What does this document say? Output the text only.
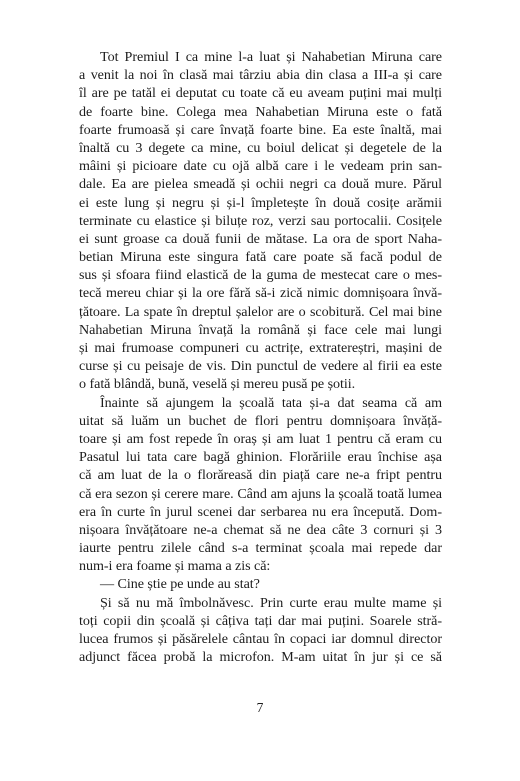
Tot Premiul I ca mine l-a luat și Nahabetian Miruna care
a venit la noi în clasă mai târziu abia din clasa a III-a și care
îl are pe tatăl ei deputat cu toate că eu aveam puțini mai mulți
de foarte bine. Colega mea Nahabetian Miruna este o fată
foarte frumoasă și care învață foarte bine. Ea este înaltă, mai
înaltă cu 3 degete ca mine, cu boiul delicat și degetele de la
mâini și picioare date cu ojă albă care i le vedeam prin san-
dale. Ea are pielea smeadă și ochii negri ca două mure. Părul
ei este lung și negru și și-l împletește în două cosițe arămii
terminate cu elastice și biluțe roz, verzi sau portocalii. Cosițele
ei sunt groase ca două funii de mătase. La ora de sport Naha-
betian Miruna este singura fată care poate să facă podul de
sus și sfoara fiind elastică de la guma de mestecat care o mes-
tecă mereu chiar și la ore fără să-i zică nimic domnișoara învă-
țătoare. La spate în dreptul șalelor are o scobitură. Cel mai bine
Nahabetian Miruna învață la română și face cele mai lungi
și mai frumoase compuneri cu actrițe, extratereștri, mașini de
curse și cu peisaje de vis. Din punctul de vedere al firii ea este
o fată blândă, bună, veselă și mereu pusă pe șotii.
Înainte să ajungem la școală tata și-a dat seama că am
uitat să luăm un buchet de flori pentru domnișoara învăță-
toare și am fost repede în oraș și am luat 1 pentru că eram cu
Pasatul lui tata care bagă ghinion. Florăriile erau închise așa
că am luat de la o florăreasă din piață care ne-a fript pentru
că era sezon și cerere mare. Când am ajuns la școală toată lumea
era în curte în jurul scenei dar serbarea nu era începută. Dom-
nișoara învățătoare ne-a chemat să ne dea câte 3 cornuri și 3
iaurte pentru zilele când s-a terminat școala mai repede dar
num-i era foame și mama a zis că:
— Cine știe pe unde au stat?
Și să nu mă îmbolnăvesc. Prin curte erau multe mame și
toți copii din școală și câțiva tați dar mai puțini. Soarele stră-
lucea frumos și păsărelele cântau în copaci iar domnul director
adjunct făcea probă la microfon. M-am uitat în jur și ce să
7
